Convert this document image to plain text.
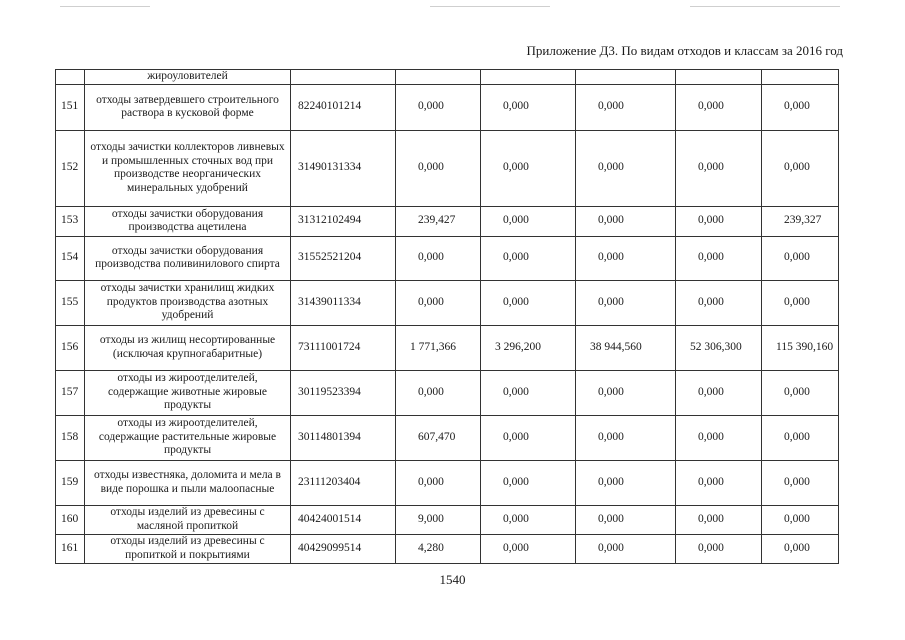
Приложение Д3. По видам отходов и классам за 2016 год
	жироуловителей						
151	отходы затвердевшего строительного раствора в кусковой форме	82240101214	0,000	0,000	0,000	0,000	0,000
152	отходы зачистки коллекторов ливневых и промышленных сточных вод при производстве неорганических минеральных удобрений	31490131334	0,000	0,000	0,000	0,000	0,000
153	отходы зачистки оборудования производства ацетилена	31312102494	239,427	0,000	0,000	0,000	239,327
154	отходы зачистки оборудования производства поливинилового спирта	31552521204	0,000	0,000	0,000	0,000	0,000
155	отходы зачистки хранилищ жидких продуктов производства азотных удобрений	31439011334	0,000	0,000	0,000	0,000	0,000
156	отходы из жилищ несортированные (исключая крупногабаритные)	73111001724	1 771,366	3 296,200	38 944,560	52 306,300	115 390,160
157	отходы из жироотделителей, содержащие животные жировые продукты	30119523394	0,000	0,000	0,000	0,000	0,000
158	отходы из жироотделителей, содержащие растительные жировые продукты	30114801394	607,470	0,000	0,000	0,000	0,000
159	отходы известняка, доломита и мела в виде порошка и пыли малоопасные	23111203404	0,000	0,000	0,000	0,000	0,000
160	отходы изделий из древесины с масляной пропиткой	40424001514	9,000	0,000	0,000	0,000	0,000
161	отходы изделий из древесины с пропиткой и покрытиями	40429099514	4,280	0,000	0,000	0,000	0,000
1540
